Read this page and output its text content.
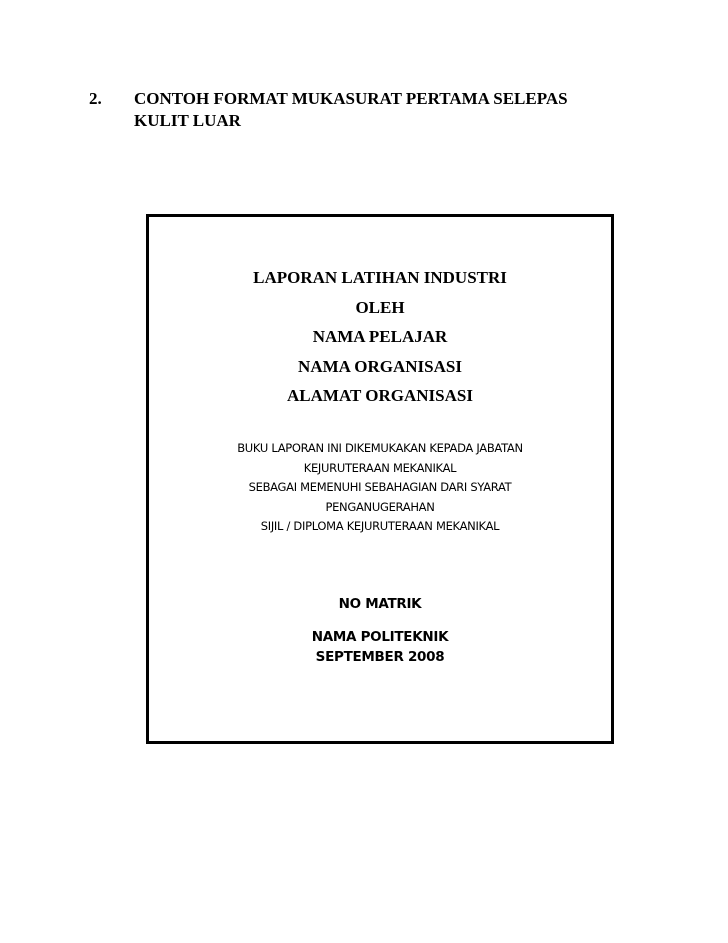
2. CONTOH FORMAT MUKASURAT PERTAMA SELEPAS
KULIT LUAR
LAPORAN LATIHAN INDUSTRI
OLEH
NAMA PELAJAR
NAMA ORGANISASI
ALAMAT ORGANISASI
BUKU LAPORAN INI DIKEMUKAKAN KEPADA JABATAN
KEJURUTERAAN MEKANIKAL
SEBAGAI MEMENUHI SEBAHAGIAN DARI SYARAT
PENGANUGERAHAN
SIJIL / DIPLOMA KEJURUTERAAN MEKANIKAL
NO MATRIK
NAMA POLITEKNIK
SEPTEMBER 2008
